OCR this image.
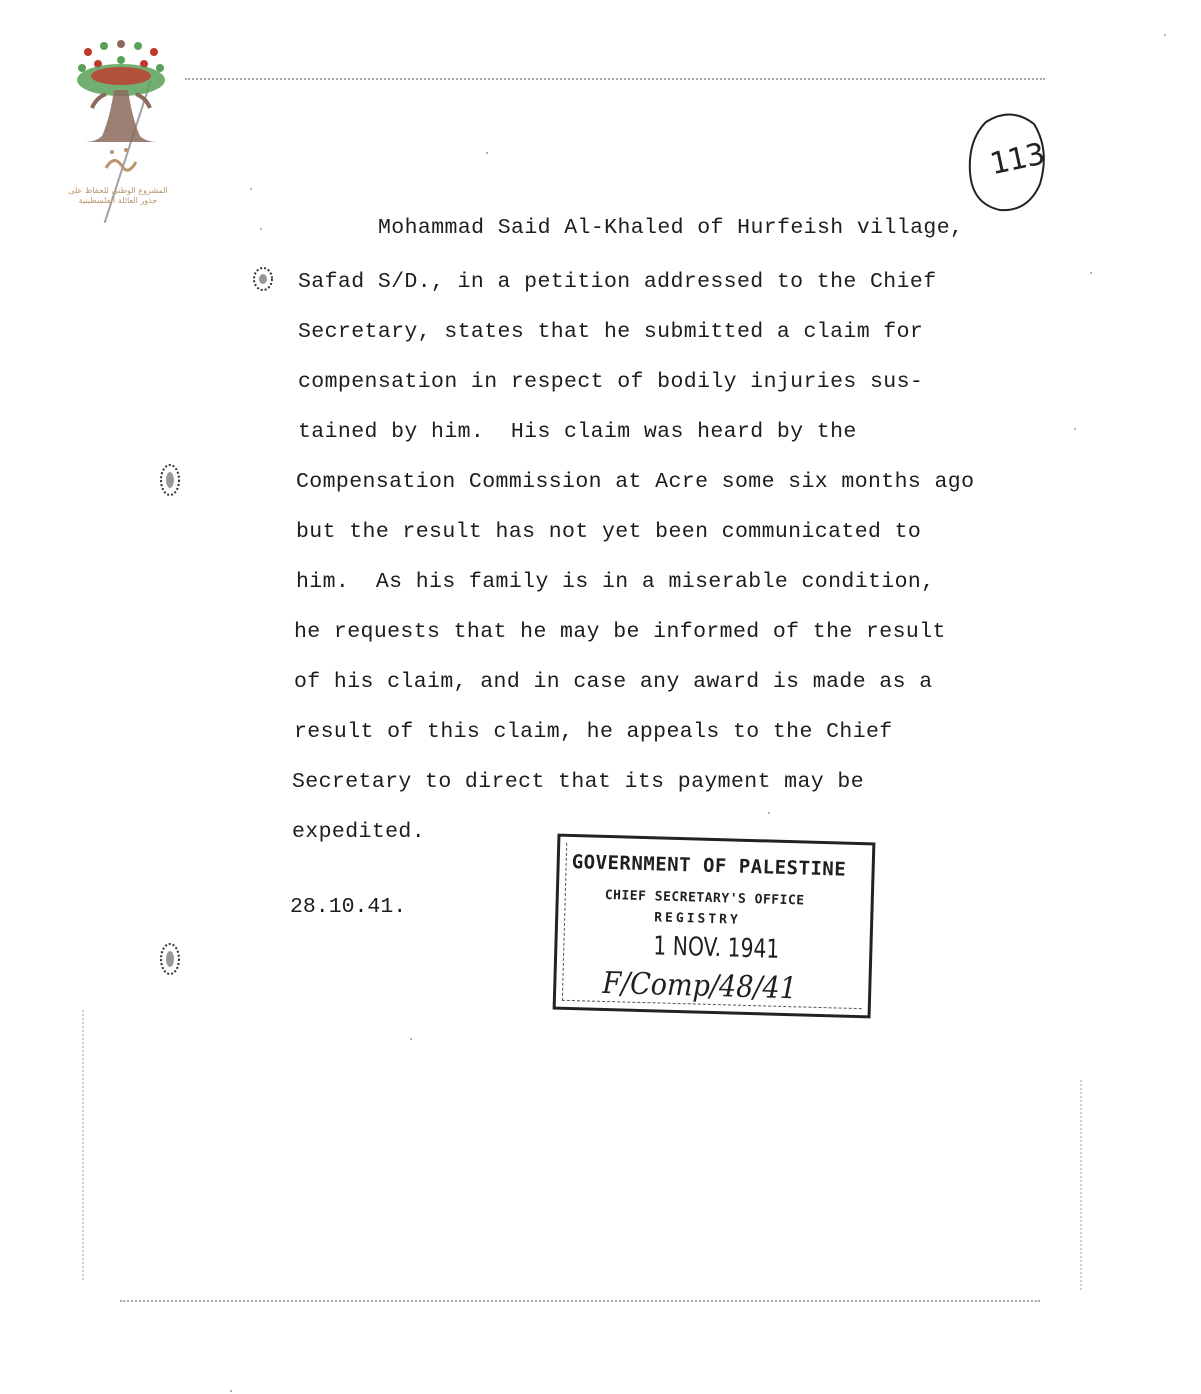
المشروع الوطني للحفاظ على
جذور العائلة الفلسطينية
113
Mohammad Said Al-Khaled of Hurfeish village,
Safad S/D., in a petition addressed to the Chief
Secretary, states that he submitted a claim for
compensation in respect of bodily injuries sus-
tained by him.  His claim was heard by the
Compensation Commission at Acre some six months ago
but the result has not yet been communicated to
him.  As his family is in a miserable condition,
he requests that he may be informed of the result
of his claim, and in case any award is made as a
result of this claim, he appeals to the Chief
Secretary to direct that its payment may be
expedited.
28.10.41.
GOVERNMENT OF PALESTINE
CHIEF SECRETARY'S OFFICE
REGISTRY
1 NOV. 1941
F/Comp/48/41
